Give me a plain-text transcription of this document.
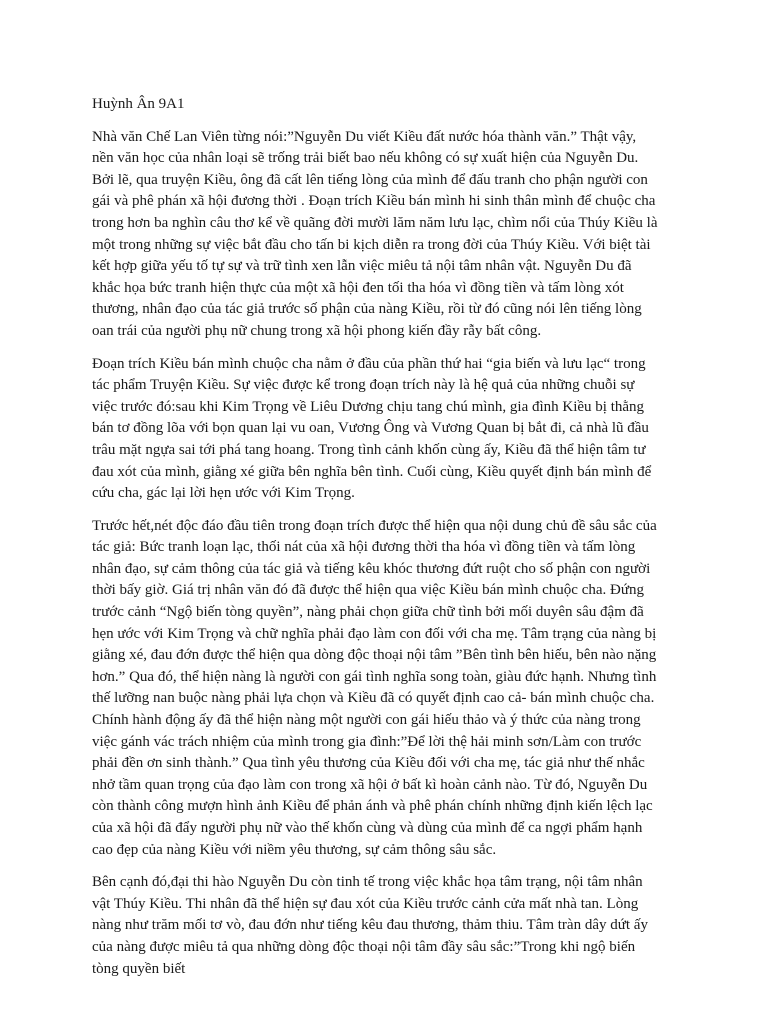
Huỳnh Ân 9A1

Nhà văn Chế Lan Viên từng nói:”Nguyễn Du viết Kiều đất nước hóa thành văn.” Thật vậy, nền văn học của nhân loại sẽ trống trải biết bao nếu không có sự xuất hiện của Nguyễn Du. Bởi lẽ, qua truyện Kiều, ông đã cất lên tiếng lòng của mình để đấu tranh cho phận người con gái và phê phán xã hội đương thời . Đoạn trích Kiều bán mình hi sinh thân mình để chuộc cha trong hơn ba nghìn câu thơ kể về quãng đời mười lăm năm lưu lạc, chìm nổi của Thúy Kiều là một trong những sự việc bắt đầu cho tấn bi kịch diễn ra trong đời của Thúy Kiều. Với biệt tài kết hợp giữa yếu tố tự sự và trữ tình xen lẫn việc miêu tả nội tâm nhân vật. Nguyễn Du đã khắc họa bức tranh hiện thực của một xã hội đen tối tha hóa vì đồng tiền và tấm lòng xót thương, nhân đạo của tác giả trước số phận của nàng Kiều, rồi từ đó cũng nói lên tiếng lòng oan trái của người phụ nữ chung trong xã hội phong kiến đầy rẫy bất công.

Đoạn trích Kiều bán mình chuộc cha nằm ở đầu của phần thứ hai “gia biến và lưu lạc“ trong tác phẩm Truyện Kiều. Sự việc được kể trong đoạn trích này là hệ quả của những chuỗi sự việc trước đó:sau khi Kim Trọng về Liêu Dương chịu tang chú mình, gia đình Kiều bị thằng bán tơ đồng lõa với bọn quan lại vu oan, Vương Ông và Vương Quan bị bắt đi, cả nhà lũ đầu trâu mặt ngựa sai tới phá tang hoang. Trong tình cảnh khốn cùng ấy, Kiều đã thể hiện tâm tư đau xót của mình, giằng xé giữa bên nghĩa bên tình. Cuối cùng, Kiều quyết định bán mình để cứu cha, gác lại lời hẹn ước với Kim Trọng.

Trước hết,nét độc đáo đầu tiên trong đoạn trích được thể hiện qua nội dung chủ đề sâu sắc của tác giả: Bức tranh loạn lạc, thối nát của xã hội đương thời tha hóa vì đồng tiền và tấm lòng nhân đạo, sự cảm thông của tác giả và tiếng kêu khóc thương đứt ruột cho số phận con người thời bấy giờ. Giá trị nhân văn đó đã được thể hiện qua việc Kiều bán mình chuộc cha. Đứng trước cảnh “Ngộ biến tòng quyền”, nàng phải chọn giữa chữ tình bởi mối duyên sâu đậm đã hẹn ước với Kim Trọng và chữ nghĩa phải đạo làm con đối với cha mẹ. Tâm trạng của nàng bị giằng xé, đau đớn được thể hiện qua dòng độc thoại nội tâm ”Bên tình bên hiếu, bên nào nặng hơn.” Qua đó, thể hiện nàng là người con gái tình nghĩa song toàn, giàu đức hạnh. Nhưng tình thế lưỡng nan buộc nàng phải lựa chọn và Kiều đã có quyết định cao cả- bán mình chuộc cha. Chính hành động ấy đã thể hiện nàng một người con gái hiếu thảo và ý thức của nàng trong việc gánh vác trách nhiệm của mình trong gia đình:”Để lời thệ hải minh sơn/Làm con trước phải đền ơn sinh thành.” Qua tình yêu thương của Kiều đối với cha mẹ, tác giả như thế nhắc nhở tầm quan trọng của đạo làm con trong xã hội ở bất kì hoàn cảnh nào. Từ đó, Nguyễn Du còn thành công mượn hình ảnh Kiều để phản ánh và phê phán chính những định kiến lệch lạc của xã hội đã đẩy người phụ nữ vào thế khốn cùng và dùng của mình để ca ngợi phẩm hạnh cao đẹp của nàng Kiều với niềm yêu thương, sự cảm thông sâu sắc.

Bên cạnh đó,đại thi hào Nguyễn Du còn tinh tế trong việc khắc họa tâm trạng, nội tâm nhân vật Thúy Kiều. Thi nhân đã thể hiện sự đau xót của Kiều trước cảnh cửa mất nhà tan. Lòng nàng như trăm mối tơ vò, đau đớn như tiếng kêu đau thương, thảm thiu. Tâm tràn dây dứt ấy của nàng được miêu tả qua những dòng độc thoại nội tâm đầy sâu sắc:”Trong khi ngộ biến tòng quyền biết
